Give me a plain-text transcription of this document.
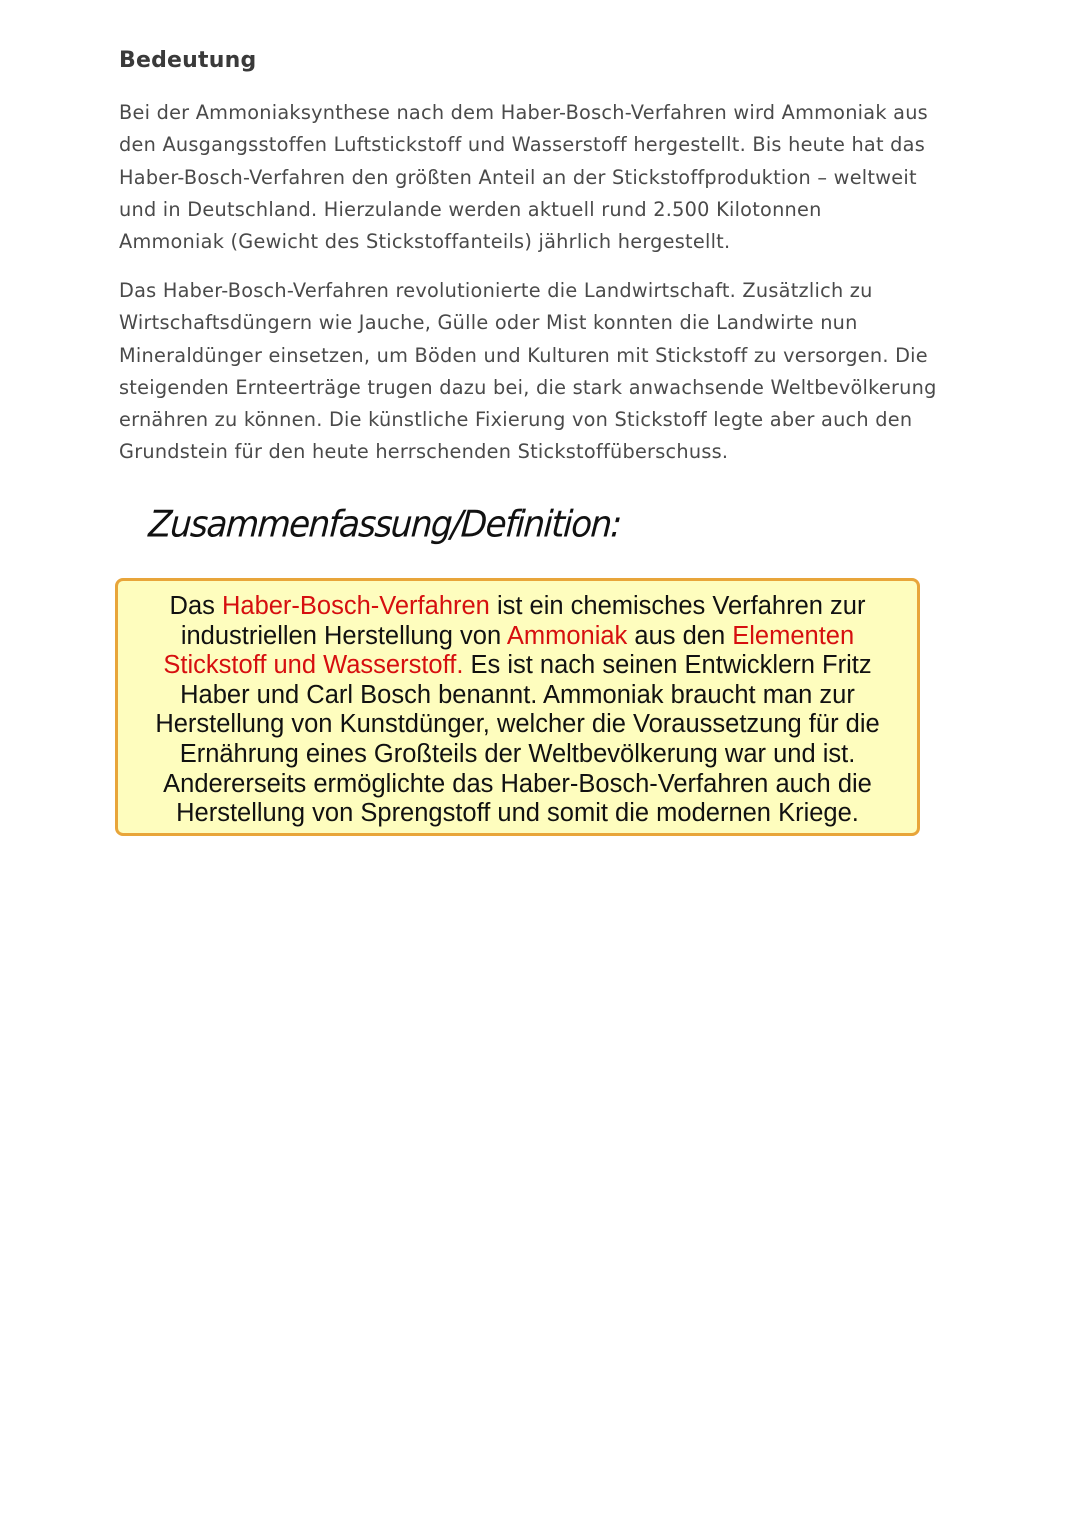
Bedeutung
Bei der Ammoniaksynthese nach dem Haber-Bosch-Verfahren wird Ammoniak aus
den Ausgangsstoffen Luftstickstoff und Wasserstoff hergestellt. Bis heute hat das
Haber-Bosch-Verfahren den größten Anteil an der Stickstoffproduktion – weltweit
und in Deutschland. Hierzulande werden aktuell rund 2.500 Kilotonnen
Ammoniak (Gewicht des Stickstoffanteils) jährlich hergestellt.
Das Haber-Bosch-Verfahren revolutionierte die Landwirtschaft. Zusätzlich zu
Wirtschaftsdüngern wie Jauche, Gülle oder Mist konnten die Landwirte nun
Mineraldünger einsetzen, um Böden und Kulturen mit Stickstoff zu versorgen. Die
steigenden Ernteerträge trugen dazu bei, die stark anwachsende Weltbevölkerung
ernähren zu können. Die künstliche Fixierung von Stickstoff legte aber auch den
Grundstein für den heute herrschenden Stickstoffüberschuss.
Zusammenfassung/Definition:
Das Haber-Bosch-Verfahren ist ein chemisches Verfahren zur
industriellen Herstellung von Ammoniak aus den Elementen
Stickstoff und Wasserstoff. Es ist nach seinen Entwicklern Fritz
Haber und Carl Bosch benannt. Ammoniak braucht man zur
Herstellung von Kunstdünger, welcher die Voraussetzung für die
Ernährung eines Großteils der Weltbevölkerung war und ist.
Andererseits ermöglichte das Haber-Bosch-Verfahren auch die
Herstellung von Sprengstoff und somit die modernen Kriege.
